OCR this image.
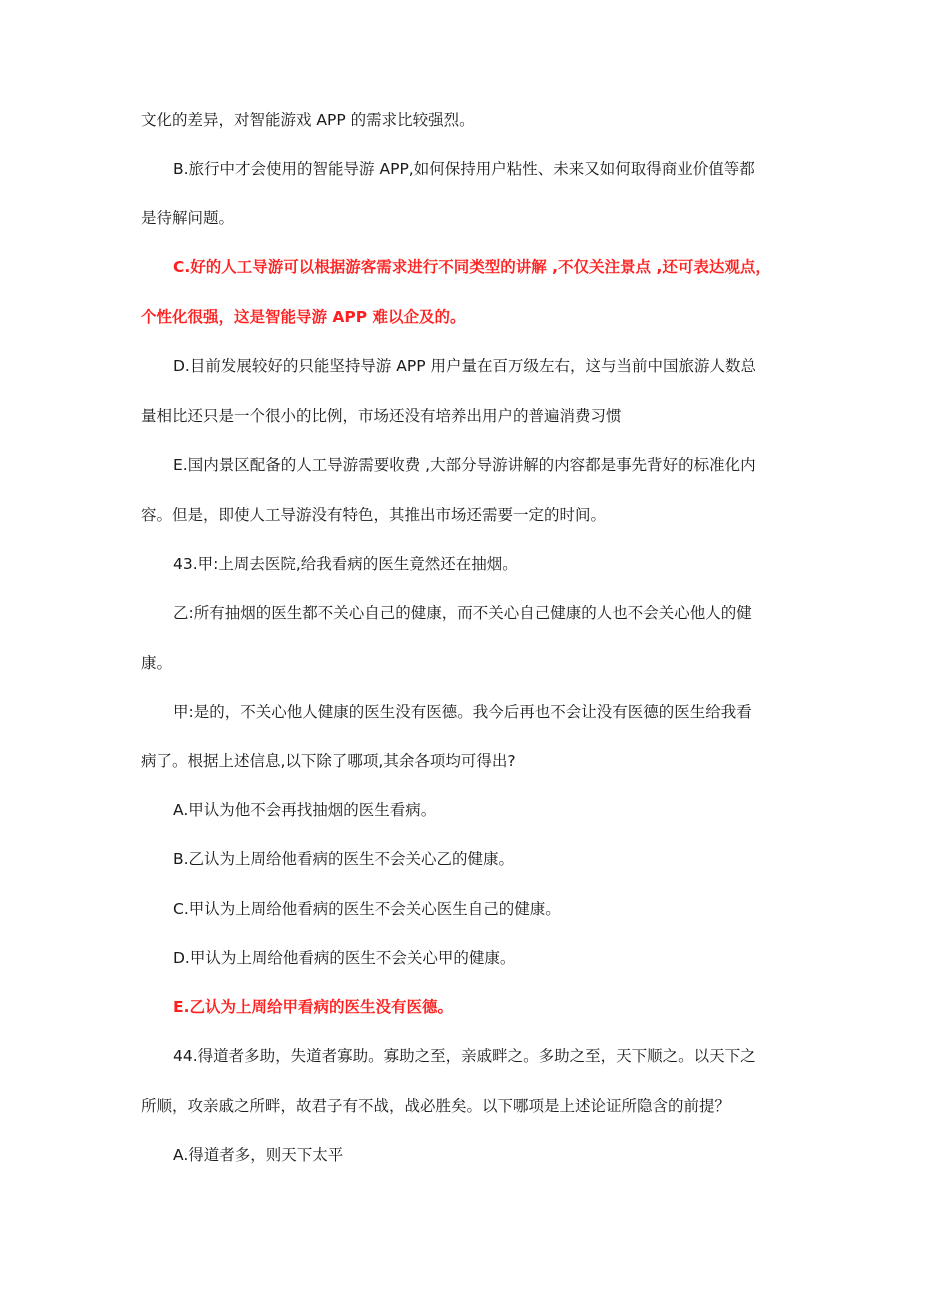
文化的差异，对智能游戏 APP 的需求比较强烈。
B.旅行中才会使用的智能导游 APP,如何保持用户粘性、未来又如何取得商业价值等都
是待解问题。
C.好的人工导游可以根据游客需求进行不同类型的讲解 ,不仅关注景点 ,还可表达观点，
个性化很强，这是智能导游 APP 难以企及的。
D.目前发展较好的只能坚持导游 APP 用户量在百万级左右，这与当前中国旅游人数总
量相比还只是一个很小的比例，市场还没有培养出用户的普遍消费习惯
E.国内景区配备的人工导游需要收费 ,大部分导游讲解的内容都是事先背好的标准化内
容。但是，即使人工导游没有特色，其推出市场还需要一定的时间。
43.甲:上周去医院,给我看病的医生竟然还在抽烟。
乙:所有抽烟的医生都不关心自己的健康，而不关心自己健康的人也不会关心他人的健
康。
甲:是的，不关心他人健康的医生没有医德。我今后再也不会让没有医德的医生给我看
病了。根据上述信息,以下除了哪项,其余各项均可得出?
A.甲认为他不会再找抽烟的医生看病。
B.乙认为上周给他看病的医生不会关心乙的健康。
C.甲认为上周给他看病的医生不会关心医生自己的健康。
D.甲认为上周给他看病的医生不会关心甲的健康。
E.乙认为上周给甲看病的医生没有医德。
44.得道者多助，失道者寡助。寡助之至，亲戚畔之。多助之至，天下顺之。以天下之
所顺，攻亲戚之所畔，故君子有不战，战必胜矣。以下哪项是上述论证所隐含的前提？
A.得道者多，则天下太平
